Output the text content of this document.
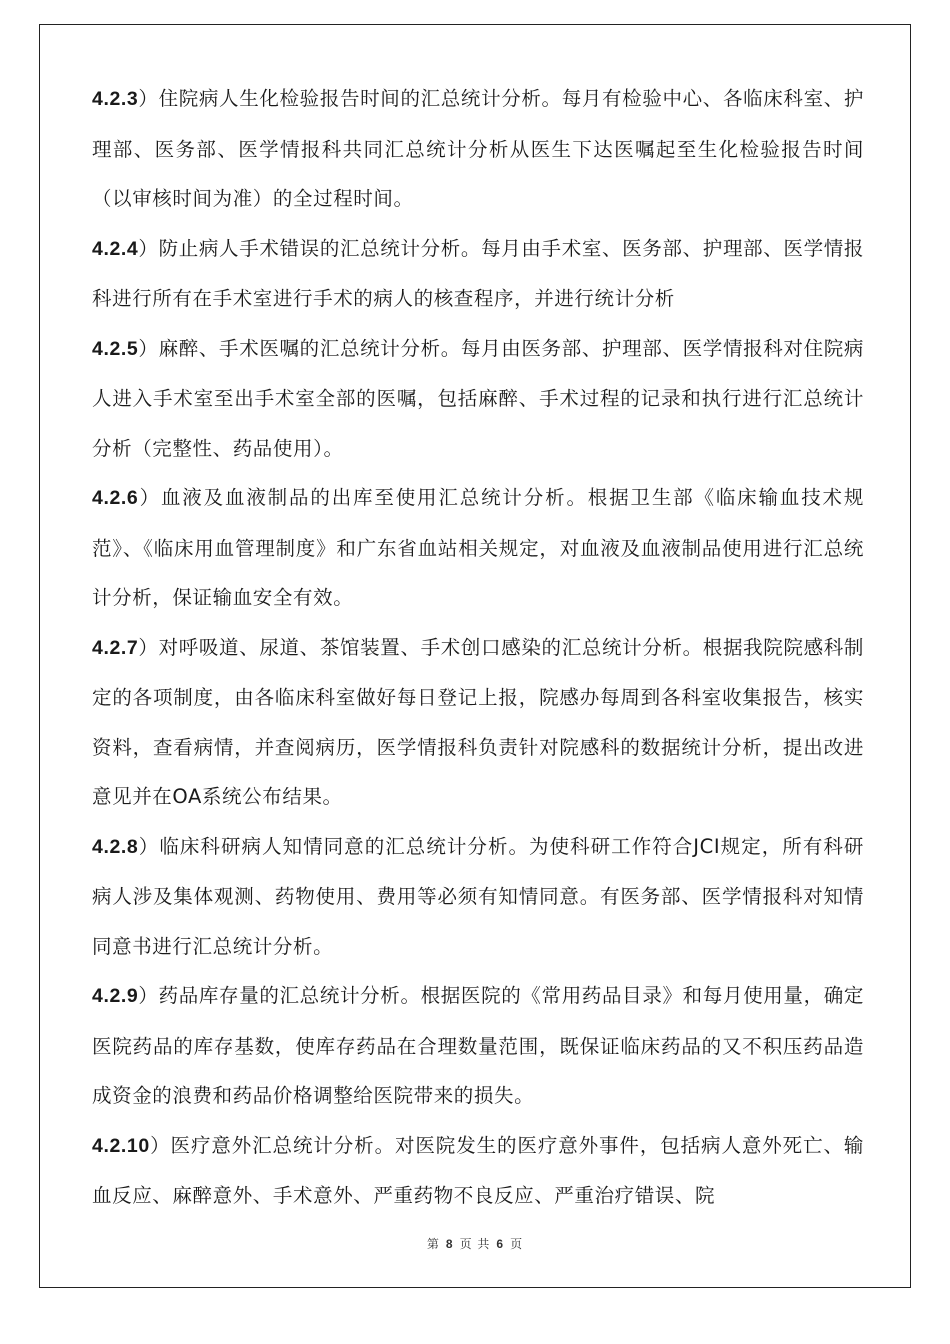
4.2.3）住院病人生化检验报告时间的汇总统计分析。每月有检验中心、各临床科室、护理部、医务部、医学情报科共同汇总统计分析从医生下达医嘱起至生化检验报告时间（以审核时间为准）的全过程时间。

4.2.4）防止病人手术错误的汇总统计分析。每月由手术室、医务部、护理部、医学情报科进行所有在手术室进行手术的病人的核查程序，并进行统计分析

4.2.5）麻醉、手术医嘱的汇总统计分析。每月由医务部、护理部、医学情报科对住院病人进入手术室至出手术室全部的医嘱，包括麻醉、手术过程的记录和执行进行汇总统计分析（完整性、药品使用）。

4.2.6）血液及血液制品的出库至使用汇总统计分析。根据卫生部《临床输血技术规范》、《临床用血管理制度》和广东省血站相关规定，对血液及血液制品使用进行汇总统计分析，保证输血安全有效。

4.2.7）对呼吸道、尿道、茶馆装置、手术创口感染的汇总统计分析。根据我院院感科制定的各项制度，由各临床科室做好每日登记上报，院感办每周到各科室收集报告，核实资料，查看病情，并查阅病历，医学情报科负责针对院感科的数据统计分析，提出改进意见并在OA系统公布结果。

4.2.8）临床科研病人知情同意的汇总统计分析。为使科研工作符合JCI规定，所有科研病人涉及集体观测、药物使用、费用等必须有知情同意。有医务部、医学情报科对知情同意书进行汇总统计分析。

4.2.9）药品库存量的汇总统计分析。根据医院的《常用药品目录》和每月使用量，确定医院药品的库存基数，使库存药品在合理数量范围，既保证临床药品的又不积压药品造成资金的浪费和药品价格调整给医院带来的损失。

4.2.10）医疗意外汇总统计分析。对医院发生的医疗意外事件，包括病人意外死亡、输血反应、麻醉意外、手术意外、严重药物不良反应、严重治疗错误、院

第 8 页 共 6 页
